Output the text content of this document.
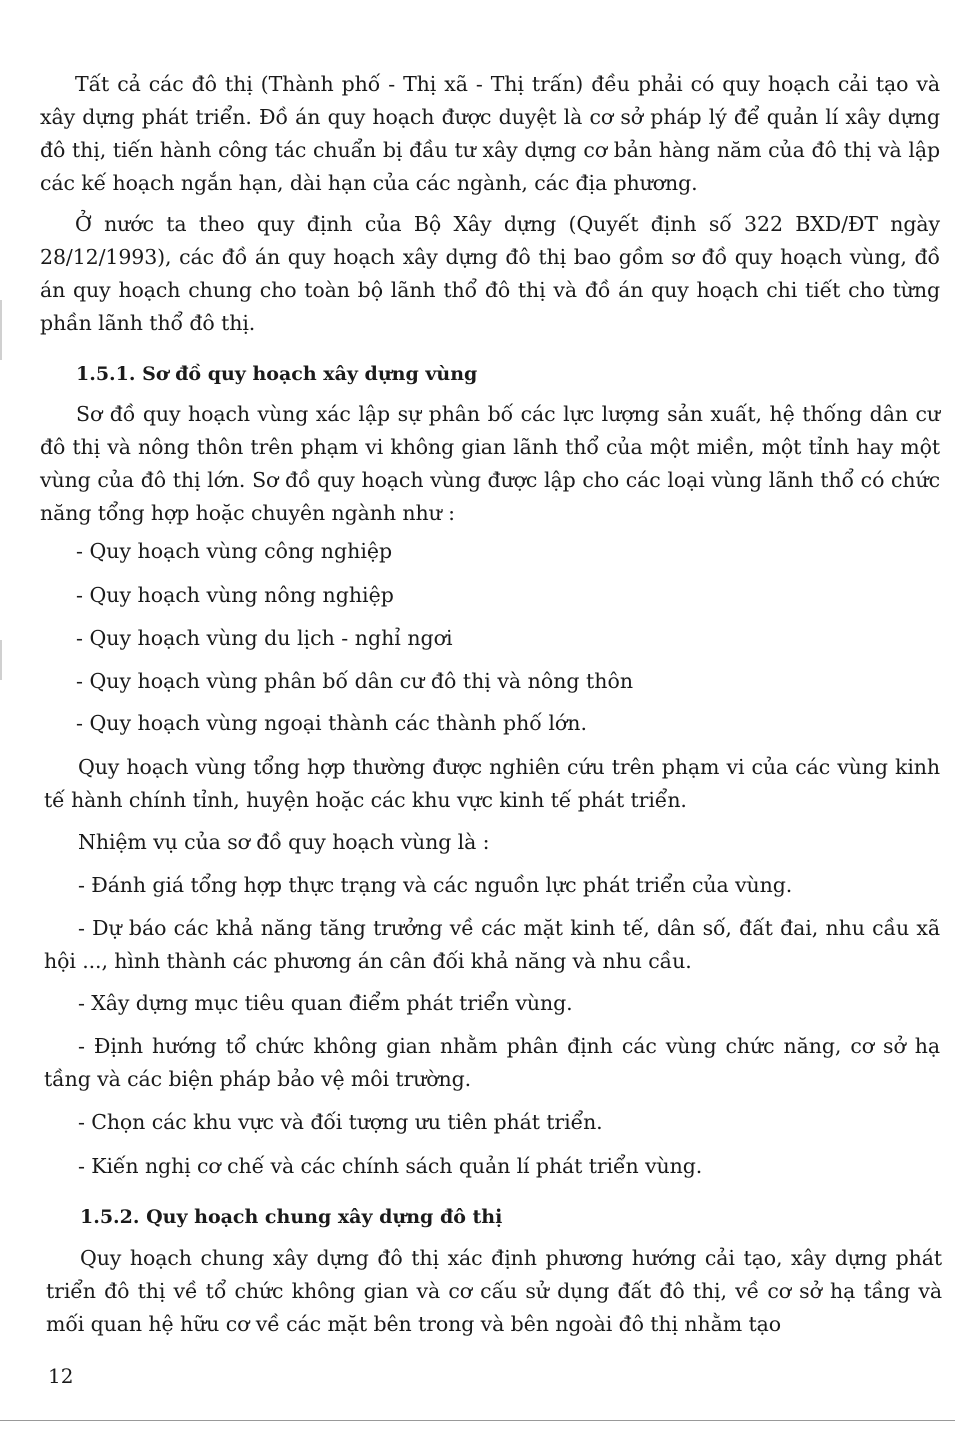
Tất cả các đô thị (Thành phố - Thị xã - Thị trấn) đều phải có quy hoạch cải tạo và xây dựng phát triển. Đồ án quy hoạch được duyệt là cơ sở pháp lý để quản lí xây dựng đô thị, tiến hành công tác chuẩn bị đầu tư xây dựng cơ bản hàng năm của đô thị và lập các kế hoạch ngắn hạn, dài hạn của các ngành, các địa phương.

Ở nước ta theo quy định của Bộ Xây dựng (Quyết định số 322 BXD/ĐT ngày 28/12/1993), các đồ án quy hoạch xây dựng đô thị bao gồm sơ đồ quy hoạch vùng, đồ án quy hoạch chung cho toàn bộ lãnh thổ đô thị và đồ án quy hoạch chi tiết cho từng phần lãnh thổ đô thị.

1.5.1. Sơ đồ quy hoạch xây dựng vùng

Sơ đồ quy hoạch vùng xác lập sự phân bố các lực lượng sản xuất, hệ thống dân cư đô thị và nông thôn trên phạm vi không gian lãnh thổ của một miền, một tỉnh hay một vùng của đô thị lớn. Sơ đồ quy hoạch vùng được lập cho các loại vùng lãnh thổ có chức năng tổng hợp hoặc chuyên ngành như :

- Quy hoạch vùng công nghiệp

- Quy hoạch vùng nông nghiệp

- Quy hoạch vùng du lịch - nghỉ ngơi

- Quy hoạch vùng phân bố dân cư đô thị và nông thôn

- Quy hoạch vùng ngoại thành các thành phố lớn.

Quy hoạch vùng tổng hợp thường được nghiên cứu trên phạm vi của các vùng kinh tế hành chính tỉnh, huyện hoặc các khu vực kinh tế phát triển.

Nhiệm vụ của sơ đồ quy hoạch vùng là :

- Đánh giá tổng hợp thực trạng và các nguồn lực phát triển của vùng.

- Dự báo các khả năng tăng trưởng về các mặt kinh tế, dân số, đất đai, nhu cầu xã hội ..., hình thành các phương án cân đối khả năng và nhu cầu.

- Xây dựng mục tiêu quan điểm phát triển vùng.

- Định hướng tổ chức không gian nhằm phân định các vùng chức năng, cơ sở hạ tầng và các biện pháp bảo vệ môi trường.

- Chọn các khu vực và đối tượng ưu tiên phát triển.

- Kiến nghị cơ chế và các chính sách quản lí phát triển vùng.

1.5.2. Quy hoạch chung xây dựng đô thị

Quy hoạch chung xây dựng đô thị xác định phương hướng cải tạo, xây dựng phát triển đô thị về tổ chức không gian và cơ cấu sử dụng đất đô thị, về cơ sở hạ tầng và mối quan hệ hữu cơ về các mặt bên trong và bên ngoài đô thị nhằm tạo

12
